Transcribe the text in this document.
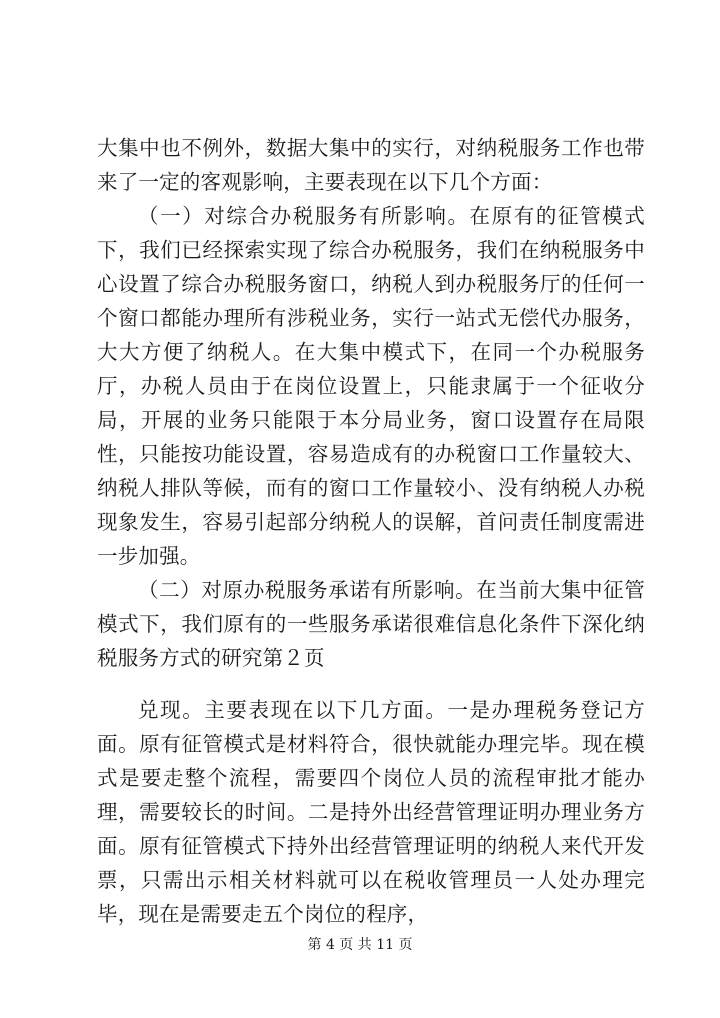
大集中也不例外，数据大集中的实行，对纳税服务工作也带来了一定的客观影响，主要表现在以下几个方面：

（一）对综合办税服务有所影响。在原有的征管模式下，我们已经探索实现了综合办税服务，我们在纳税服务中心设置了综合办税服务窗口，纳税人到办税服务厅的任何一个窗口都能办理所有涉税业务，实行一站式无偿代办服务，大大方便了纳税人。在大集中模式下，在同一个办税服务厅，办税人员由于在岗位设置上，只能隶属于一个征收分局，开展的业务只能限于本分局业务，窗口设置存在局限性，只能按功能设置，容易造成有的办税窗口工作量较大、纳税人排队等候，而有的窗口工作量较小、没有纳税人办税现象发生，容易引起部分纳税人的误解，首问责任制度需进一步加强。

（二）对原办税服务承诺有所影响。在当前大集中征管模式下，我们原有的一些服务承诺很难信息化条件下深化纳税服务方式的研究第２页

兑现。主要表现在以下几方面。一是办理税务登记方面。原有征管模式是材料符合，很快就能办理完毕。现在模式是要走整个流程，需要四个岗位人员的流程审批才能办理，需要较长的时间。二是持外出经营管理证明办理业务方面。原有征管模式下持外出经营管理证明的纳税人来代开发票，只需出示相关材料就可以在税收管理员一人处办理完毕，现在是需要走五个岗位的程序，

第 4 页 共 11 页
